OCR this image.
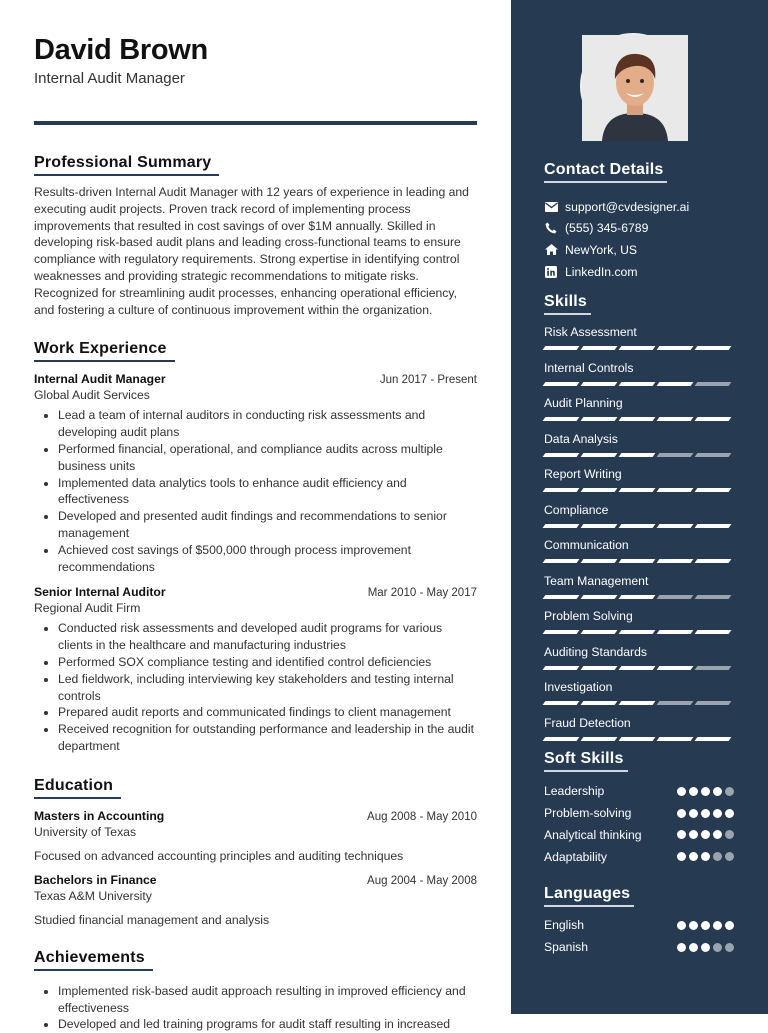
David Brown
Internal Audit Manager
Professional Summary

Results-driven Internal Audit Manager with 12 years of experience in leading and executing audit projects. Proven track record of implementing process improvements that resulted in cost savings of over $1M annually. Skilled in developing risk-based audit plans and leading cross-functional teams to ensure compliance with regulatory requirements. Strong expertise in identifying control weaknesses and providing strategic recommendations to mitigate risks. Recognized for streamlining audit processes, enhancing operational efficiency, and fostering a culture of continuous improvement within the organization.

Work Experience
Internal Audit Manager	Jun 2017 - Present
Global Audit Services
• Lead a team of internal auditors in conducting risk assessments and developing audit plans
• Performed financial, operational, and compliance audits across multiple business units
• Implemented data analytics tools to enhance audit efficiency and effectiveness
• Developed and presented audit findings and recommendations to senior management
• Achieved cost savings of $500,000 through process improvement recommendations
Senior Internal Auditor	Mar 2010 - May 2017
Regional Audit Firm
• Conducted risk assessments and developed audit programs for various clients in the healthcare and manufacturing industries
• Performed SOX compliance testing and identified control deficiencies
• Led fieldwork, including interviewing key stakeholders and testing internal controls
• Prepared audit reports and communicated findings to client management
• Received recognition for outstanding performance and leadership in the audit department
Education
Masters in Accounting	Aug 2008 - May 2010
University of Texas
Focused on advanced accounting principles and auditing techniques
Bachelors in Finance	Aug 2004 - May 2008
Texas A&M University
Studied financial management and analysis
Achievements
• Implemented risk-based audit approach resulting in improved efficiency and effectiveness
• Developed and led training programs for audit staff resulting in increased
Contact Details
support@cvdesigner.ai
(555) 345-6789
NewYork, US
LinkedIn.com
Skills
Risk Assessment
Internal Controls
Audit Planning
Data Analysis
Report Writing
Compliance
Communication
Team Management
Problem Solving
Auditing Standards
Investigation
Fraud Detection
Soft Skills
Leadership
Problem-solving
Analytical thinking
Adaptability
Languages
English
Spanish
